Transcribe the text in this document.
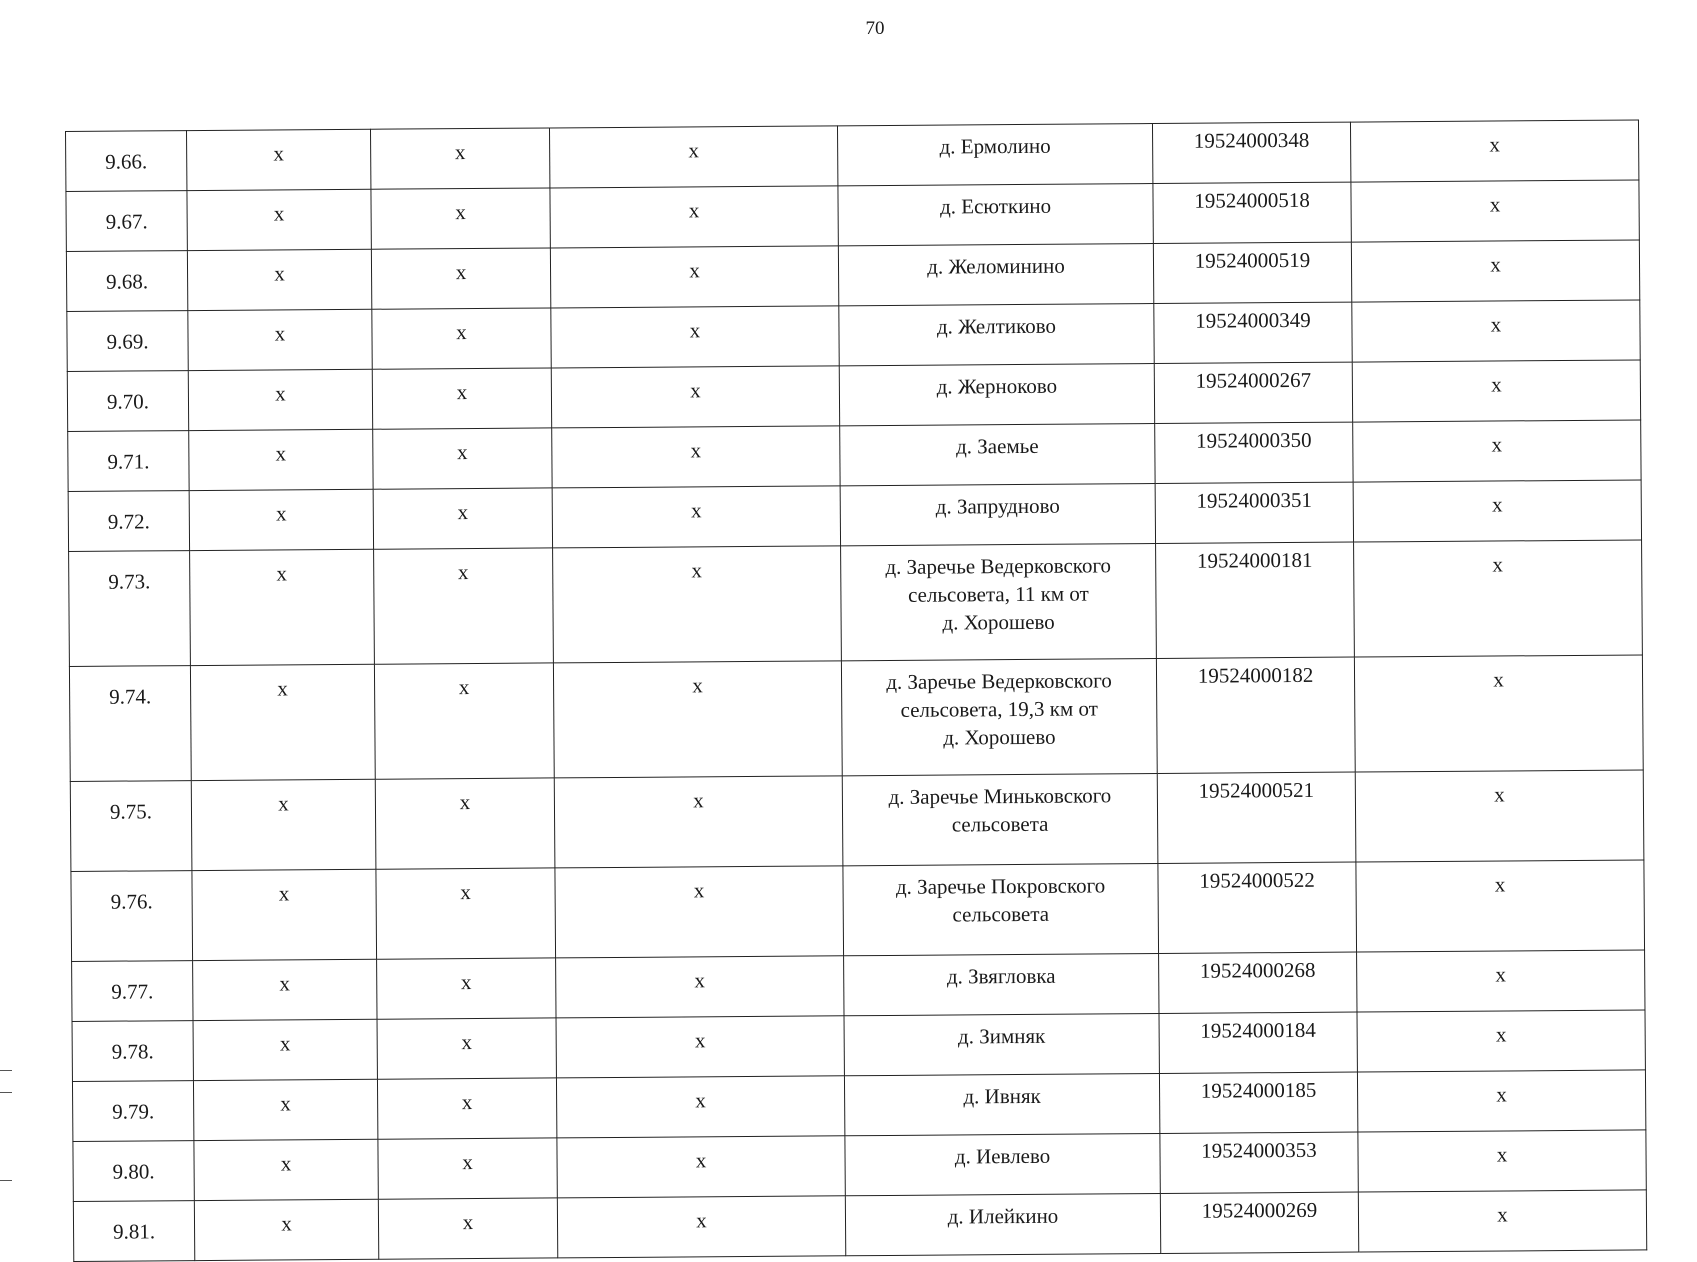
70
9.66.	x	x	x	д. Ермолино	19524000348	x
9.67.	x	x	x	д. Есюткино	19524000518	x
9.68.	x	x	x	д. Желоминино	19524000519	x
9.69.	x	x	x	д. Желтиково	19524000349	x
9.70.	x	x	x	д. Жерноково	19524000267	x
9.71.	x	x	x	д. Заемье	19524000350	x
9.72.	x	x	x	д. Запрудново	19524000351	x
9.73.	x	x	x	д. Заречье Ведерковского
сельсовета, 11 км от
д. Хорошево	19524000181	x
9.74.	x	x	x	д. Заречье Ведерковского
сельсовета, 19,3 км от
д. Хорошево	19524000182	x
9.75.	x	x	x	д. Заречье Миньковского
сельсовета	19524000521	x
9.76.	x	x	x	д. Заречье Покровского
сельсовета	19524000522	x
9.77.	x	x	x	д. Звягловка	19524000268	x
9.78.	x	x	x	д. Зимняк	19524000184	x
9.79.	x	x	x	д. Ивняк	19524000185	x
9.80.	x	x	x	д. Иевлево	19524000353	x
9.81.	x	x	x	д. Илейкино	19524000269	x
